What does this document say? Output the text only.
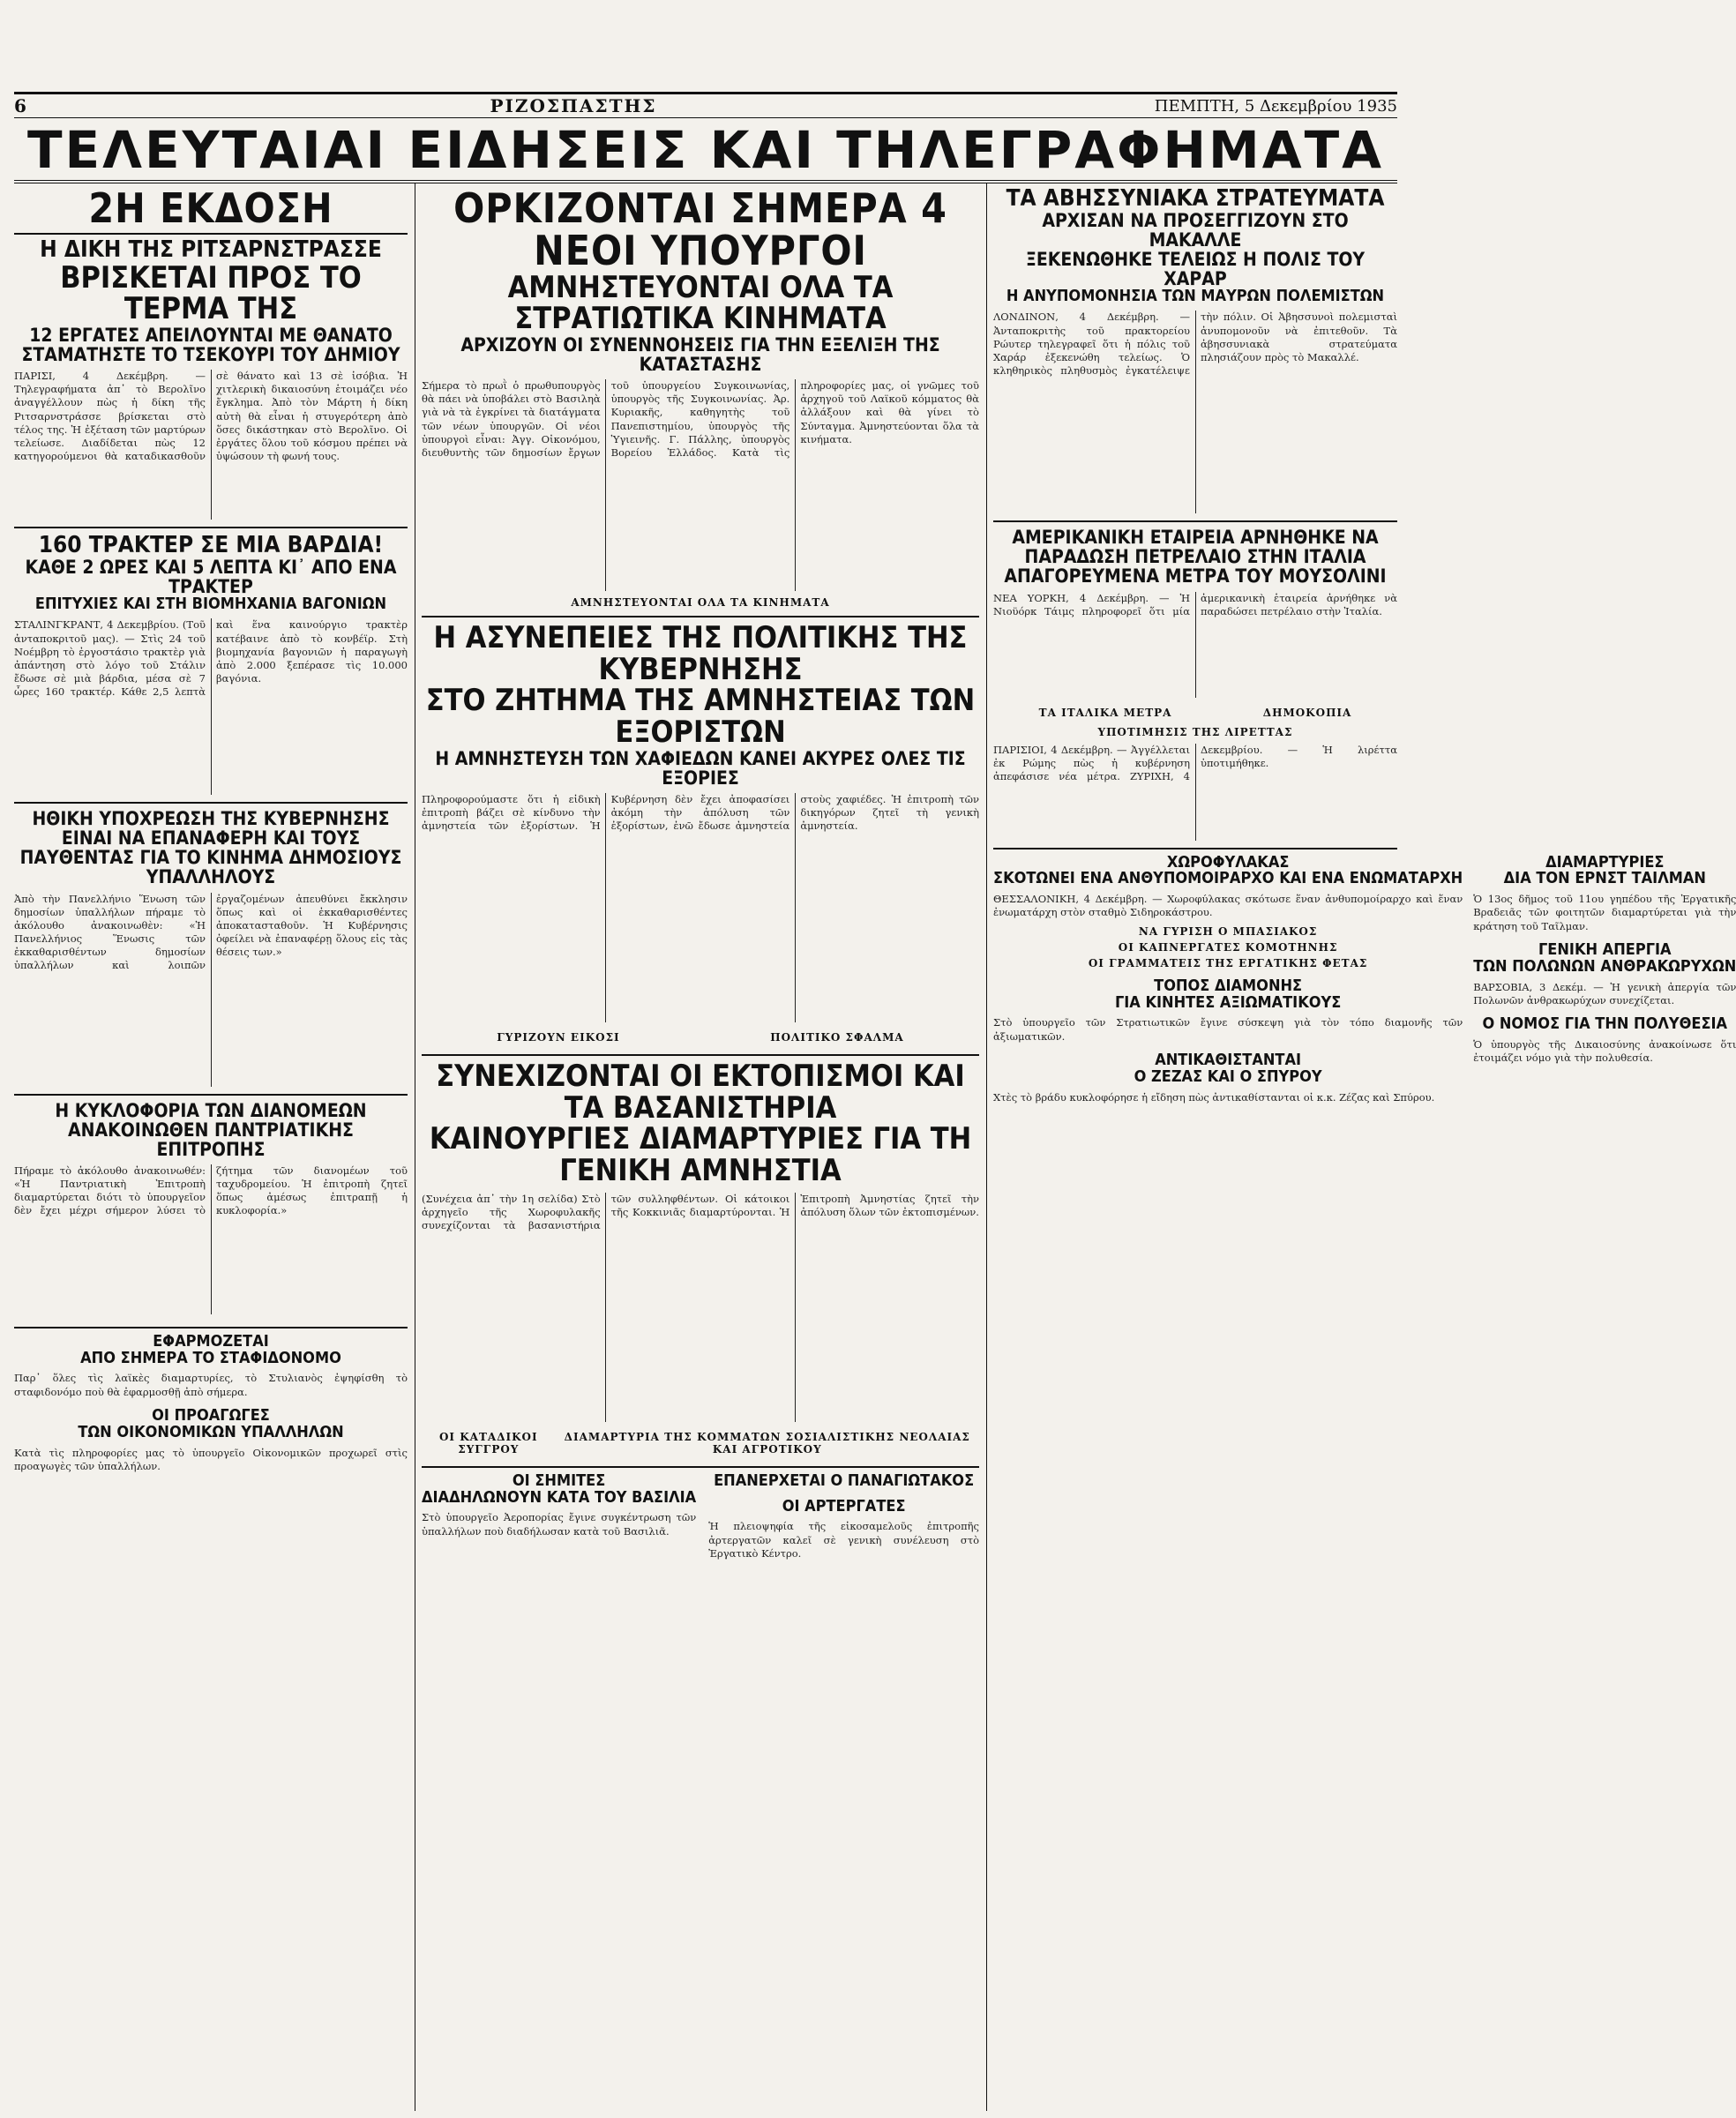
6	ΡΙΖΟΣΠΑΣΤΗΣ	ΠΕΜΠΤΗ, 5 Δεκεμβρίου 1935
ΤΕΛΕΥΤΑΙΑΙ ΕΙΔΗΣΕΙΣ ΚΑΙ ΤΗΛΕΓΡΑΦΗΜΑΤΑ
2Η ΕΚΔΟΣΗ
Η ΔΙΚΗ ΤΗΣ ΡΙΤΣΑΡΝΣΤΡΑΣΣΕ
ΒΡΙΣΚΕΤΑΙ ΠΡΟΣ ΤΟ ΤΕΡΜΑ ΤΗΣ
12 ΕΡΓΑΤΕΣ ΑΠΕΙΛΟΥΝΤΑΙ ΜΕ ΘΑΝΑΤΟ
ΣΤΑΜΑΤΗΣΤΕ ΤΟ ΤΣΕΚΟΥΡΙ ΤΟΥ ΔΗΜΙΟΥ
ΠΑΡΙΣΙ, 4 Δεκέμβρη. — Τηλεγραφήματα ἀπ᾽ τὸ Βερολῖνο ἀναγγέλλουν πὼς ἡ δίκη τῆς Ριτσαρνστράσσε βρίσκεται στὸ τέλος της. Ἡ ἐξέταση τῶν μαρτύρων τελείωσε. Διαδίδεται πὼς 12 κατηγορούμενοι θὰ καταδικασθοῦν σὲ θάνατο καὶ 13 σὲ ἰσόβια. Ἡ χιτλερικὴ δικαιοσύνη ἑτοιμάζει νέο ἔγκλημα. Ἀπὸ τὸν Μάρτη ἡ δίκη αὐτὴ θὰ εἶναι ἡ στυγερότερη ἀπὸ ὅσες δικάστηκαν στὸ Βερολῖνο. Οἱ ἐργάτες ὅλου τοῦ κόσμου πρέπει νὰ ὑψώσουν τὴ φωνή τους.
160 ΤΡΑΚΤΕΡ ΣΕ ΜΙΑ ΒΑΡΔΙΑ!
ΚΑΘΕ 2 ΩΡΕΣ ΚΑΙ 5 ΛΕΠΤΑ ΚΙ᾽ ΑΠΟ ΕΝΑ ΤΡΑΚΤΕΡ
ΕΠΙΤΥΧΙΕΣ ΚΑΙ ΣΤΗ ΒΙΟΜΗΧΑΝΙΑ ΒΑΓΟΝΙΩΝ
ΣΤΑΛΙΝΓΚΡΑΝΤ, 4 Δεκεμβρίου. (Τοῦ ἀνταποκριτοῦ μας). — Στὶς 24 τοῦ Νοέμβρη τὸ ἐργοστάσιο τρακτὲρ γιὰ ἀπάντηση στὸ λόγο τοῦ Στάλιν ἔδωσε σὲ μιὰ βάρδια, μέσα σὲ 7 ὧρες 160 τρακτέρ. Κάθε 2,5 λεπτὰ καὶ ἕνα καινούργιο τρακτὲρ κατέβαινε ἀπὸ τὸ κονβέϊρ. Στὴ βιομηχανία βαγονιῶν ἡ παραγωγὴ ἀπὸ 2.000 ξεπέρασε τὶς 10.000 βαγόνια.
ΗΘΙΚΗ ΥΠΟΧΡΕΩΣΗ ΤΗΣ ΚΥΒΕΡΝΗΣΗΣ ΕΙΝΑΙ ΝΑ ΕΠΑΝΑΦΕΡΗ ΚΑΙ ΤΟΥΣ ΠΑΥΘΕΝΤΑΣ ΓΙΑ ΤΟ ΚΙΝΗΜΑ ΔΗΜΟΣΙΟΥΣ ΥΠΑΛΛΗΛΟΥΣ
Ἀπὸ τὴν Πανελλήνιο Ἕνωση τῶν δημοσίων ὑπαλλήλων πήραμε τὸ ἀκόλουθο ἀνακοινωθὲν: «Ἡ Πανελλήνιος Ἕνωσις τῶν ἐκκαθαρισθέντων δημοσίων ὑπαλλήλων καὶ λοιπῶν ἐργαζομένων ἀπευθύνει ἔκκλησιν ὅπως καὶ οἱ ἐκκαθαρισθέντες ἀποκατασταθοῦν. Ἡ Κυβέρνησις ὀφείλει νὰ ἐπαναφέρῃ ὅλους εἰς τὰς θέσεις των.»
Η ΚΥΚΛΟΦΟΡΙΑ ΤΩΝ ΔΙΑΝΟΜΕΩΝ ΑΝΑΚΟΙΝΩΘΕΝ ΠΑΝΤΡΙΑΤΙΚΗΣ ΕΠΙΤΡΟΠΗΣ
Πήραμε τὸ ἀκόλουθο ἀνακοινωθέν: «Ἡ Παντριατικὴ Ἐπιτροπὴ διαμαρτύρεται διότι τὸ ὑπουργεῖον δὲν ἔχει μέχρι σήμερον λύσει τὸ ζήτημα τῶν διανομέων τοῦ ταχυδρομείου. Ἡ ἐπιτροπὴ ζητεῖ ὅπως ἀμέσως ἐπιτραπῇ ἡ κυκλοφορία.»
ΕΦΑΡΜΟΖΕΤΑΙ
ΑΠΟ ΣΗΜΕΡΑ ΤΟ ΣΤΑΦΙΔΟΝΟΜΟ
Παρ᾽ ὅλες τὶς λαϊκὲς διαμαρτυρίες, τὸ Στυλιανὸς ἐψηφίσθη τὸ σταφιδονόμο ποὺ θὰ ἐφαρμοσθῇ ἀπὸ σήμερα.
ΟΙ ΠΡΟΑΓΩΓΕΣ
ΤΩΝ ΟΙΚΟΝΟΜΙΚΩΝ ΥΠΑΛΛΗΛΩΝ
Κατὰ τὶς πληροφορίες μας τὸ ὑπουργεῖο Οἰκονομικῶν προχωρεῖ στὶς προαγωγὲς τῶν ὑπαλλήλων.
ΟΡΚΙΖΟΝΤΑΙ ΣΗΜΕΡΑ 4 ΝΕΟΙ ΥΠΟΥΡΓΟΙ
ΑΜΝΗΣΤΕΥΟΝΤΑΙ ΟΛΑ ΤΑ ΣΤΡΑΤΙΩΤΙΚΑ ΚΙΝΗΜΑΤΑ
ΑΡΧΙΖΟΥΝ ΟΙ ΣΥΝΕΝΝΟΗΣΕΙΣ ΓΙΑ ΤΗΝ ΕΞΕΛΙΞΗ ΤΗΣ ΚΑΤΑΣΤΑΣΗΣ
Σήμερα τὸ πρωῒ ὁ πρωθυπουργὸς θὰ πάει νὰ ὑποβάλει στὸ Βασιληὰ γιὰ νὰ τὰ ἐγκρίνει τὰ διατάγματα τῶν νέων ὑπουργῶν. Οἱ νέοι ὑπουργοὶ εἶναι: Ἀγγ. Οἰκονόμου, διευθυντὴς τῶν δημοσίων ἔργων τοῦ ὑπουργείου Συγκοινωνίας, ὑπουργὸς τῆς Συγκοινωνίας. Ἀρ. Κυριακῆς, καθηγητὴς τοῦ Πανεπιστημίου, ὑπουργὸς τῆς Ὑγιεινῆς. Γ. Πάλλης, ὑπουργὸς Βορείου Ἑλλάδος. Κατὰ τὶς πληροφορίες μας, οἱ γνῶμες τοῦ ἀρχηγοῦ τοῦ Λαϊκοῦ κόμματος θὰ ἀλλάξουν καὶ θὰ γίνει τὸ Σύνταγμα. Ἀμνηστεύονται ὅλα τὰ κινήματα.
ΑΜΝΗΣΤΕΥΟΝΤΑΙ ΟΛΑ ΤΑ ΚΙΝΗΜΑΤΑ
Η ΑΣΥΝΕΠΕΙΕΣ ΤΗΣ ΠΟΛΙΤΙΚΗΣ ΤΗΣ ΚΥΒΕΡΝΗΣΗΣ
ΣΤΟ ΖΗΤΗΜΑ ΤΗΣ ΑΜΝΗΣΤΕΙΑΣ ΤΩΝ ΕΞΟΡΙΣΤΩΝ
Η ΑΜΝΗΣΤΕΥΣΗ ΤΩΝ ΧΑΦΙΕΔΩΝ ΚΑΝΕΙ ΑΚΥΡΕΣ ΟΛΕΣ ΤΙΣ ΕΞΟΡΙΕΣ
Πληροφορούμαστε ὅτι ἡ εἰδικὴ ἐπιτροπὴ βάζει σὲ κίνδυνο τὴν ἀμνηστεία τῶν ἐξορίστων. Ἡ Κυβέρνηση δὲν ἔχει ἀποφασίσει ἀκόμη τὴν ἀπόλυση τῶν ἐξορίστων, ἐνῶ ἔδωσε ἀμνηστεία στοὺς χαφιέδες. Ἡ ἐπιτροπὴ τῶν δικηγόρων ζητεῖ τὴ γενικὴ ἀμνηστεία.
ΓΥΡΙΖΟΥΝ ΕΙΚΟΣΙ	ΠΟΛΙΤΙΚΟ ΣΦΑΛΜΑ
ΣΥΝΕΧΙΖΟΝΤΑΙ ΟΙ ΕΚΤΟΠΙΣΜΟΙ ΚΑΙ ΤΑ ΒΑΣΑΝΙΣΤΗΡΙΑ
ΚΑΙΝΟΥΡΓΙΕΣ ΔΙΑΜΑΡΤΥΡΙΕΣ ΓΙΑ ΤΗ ΓΕΝΙΚΗ ΑΜΝΗΣΤΙΑ
(Συνέχεια ἀπ᾽ τὴν 1η σελίδα) Στὸ ἀρχηγεῖο τῆς Χωροφυλακῆς συνεχίζονται τὰ βασανιστήρια τῶν συλληφθέντων. Οἱ κάτοικοι τῆς Κοκκινιᾶς διαμαρτύρονται. Ἡ Ἐπιτροπὴ Ἀμνηστίας ζητεῖ τὴν ἀπόλυση ὅλων τῶν ἐκτοπισμένων.
ΟΙ ΚΑΤΑΔΙΚΟΙ ΣΥΓΓΡΟΥ
ΔΙΑΜΑΡΤΥΡΙΑ ΤΗΣ ΚΟΜΜΑΤΩΝ ΣΟΣΙΑΛΙΣΤΙΚΗΣ ΝΕΟΛΑΙΑΣ ΚΑΙ ΑΓΡΟΤΙΚΟΥ
ΟΙ ΣΗΜΙΤΕΣ
ΔΙΑΔΗΛΩΝΟΥΝ ΚΑΤΑ ΤΟΥ ΒΑΣΙΛΙΑ
Στὸ ὑπουργεῖο Ἀεροπορίας ἔγινε συγκέντρωση τῶν ὑπαλλήλων ποὺ διαδήλωσαν κατὰ τοῦ Βασιλιᾶ.
ΕΠΑΝΕΡΧΕΤΑΙ Ο ΠΑΝΑΓΙΩΤΑΚΟΣ
ΟΙ ΑΡΤΕΡΓΑΤΕΣ
Ἡ πλειοψηφία τῆς εἰκοσαμελοῦς ἐπιτροπῆς ἀρτεργατῶν καλεῖ σὲ γενικὴ συνέλευση στὸ Ἐργατικὸ Κέντρο.
ΤΑ ΑΒΗΣΣΥΝΙΑΚΑ ΣΤΡΑΤΕΥΜΑΤΑ
ΑΡΧΙΣΑΝ ΝΑ ΠΡΟΣΕΓΓΙΖΟΥΝ ΣΤΟ ΜΑΚΑΛΛΕ
ΞΕΚΕΝΩΘΗΚΕ ΤΕΛΕΙΩΣ Η ΠΟΛΙΣ ΤΟΥ ΧΑΡΑΡ
Η ΑΝΥΠΟΜΟΝΗΣΙΑ ΤΩΝ ΜΑΥΡΩΝ ΠΟΛΕΜΙΣΤΩΝ
ΛΟΝΔΙΝΟΝ, 4 Δεκέμβρη. — Ἀνταποκριτὴς τοῦ πρακτορείου Ρώυτερ τηλεγραφεῖ ὅτι ἡ πόλις τοῦ Χαράρ ἐξεκενώθη τελείως. Ὁ κληθηρικὸς πληθυσμὸς ἐγκατέλειψε τὴν πόλιν. Οἱ Ἀβησσυνοὶ πολεμισταὶ ἀνυπομονοῦν νὰ ἐπιτεθοῦν. Τὰ ἀβησσυνιακὰ στρατεύματα πλησιάζουν πρὸς τὸ Μακαλλέ.
ΑΜΕΡΙΚΑΝΙΚΗ ΕΤΑΙΡΕΙΑ ΑΡΝΗΘΗΚΕ ΝΑ ΠΑΡΑΔΩΣΗ ΠΕΤΡΕΛΑΙΟ ΣΤΗΝ ΙΤΑΛΙΑ
ΑΠΑΓΟΡΕΥΜΕΝΑ ΜΕΤΡΑ ΤΟΥ ΜΟΥΣΟΛΙΝΙ
ΝΕΑ ΥΟΡΚΗ, 4 Δεκέμβρη. — Ἡ Νιοϋόρκ Τάιμς πληροφορεῖ ὅτι μία ἀμερικανικὴ ἑταιρεία ἀρνήθηκε νὰ παραδώσει πετρέλαιο στὴν Ἰταλία.
ΤΑ ΙΤΑΛΙΚΑ ΜΕΤΡΑ	ΔΗΜΟΚΟΠΙΑ
ΥΠΟΤΙΜΗΣΙΣ ΤΗΣ ΛΙΡΕΤΤΑΣ
ΠΑΡΙΣΙΟΙ, 4 Δεκέμβρη. — Ἀγγέλλεται ἐκ Ρώμης πὼς ἡ κυβέρνηση ἀπεφάσισε νέα μέτρα. ΖΥΡΙΧΗ, 4 Δεκεμβρίου. — Ἡ λιρέττα ὑποτιμήθηκε.
ΧΩΡΟΦΥΛΑΚΑΣ
ΣΚΟΤΩΝΕΙ ΕΝΑ ΑΝΘΥΠΟΜΟΙΡΑΡΧΟ ΚΑΙ ΕΝΑ ΕΝΩΜΑΤΑΡΧΗ
ΘΕΣΣΑΛΟΝΙΚΗ, 4 Δεκέμβρη. — Χωροφύλακας σκότωσε ἕναν ἀνθυπομοίραρχο καὶ ἕναν ἐνωματάρχη στὸν σταθμὸ Σιδηροκάστρου.
ΝΑ ΓΥΡΙΣΗ Ο ΜΠΑΣΙΑΚΟΣ
ΟΙ ΚΑΠΝΕΡΓΑΤΕΣ ΚΟΜΟΤΗΝΗΣ
ΟΙ ΓΡΑΜΜΑΤΕΙΣ ΤΗΣ ΕΡΓΑΤΙΚΗΣ ΦΕΤΑΣ
ΤΟΠΟΣ ΔΙΑΜΟΝΗΣ
ΓΙΑ ΚΙΝΗΤΕΣ ΑΞΙΩΜΑΤΙΚΟΥΣ
Στὸ ὑπουργεῖο τῶν Στρατιωτικῶν ἔγινε σύσκεψη γιὰ τὸν τόπο διαμονῆς τῶν ἀξιωματικῶν.
ΑΝΤΙΚΑΘΙΣΤΑΝΤΑΙ
Ο ΖΕΖΑΣ ΚΑΙ Ο ΣΠΥΡΟΥ
Χτὲς τὸ βράδυ κυκλοφόρησε ἡ εἴδηση πὼς ἀντικαθίστανται οἱ κ.κ. Ζέζας καὶ Σπύρου.
ΔΙΑΜΑΡΤΥΡΙΕΣ
ΔΙΑ ΤΟΝ ΕΡΝΣΤ ΤΑΙΛΜΑΝ
Ὁ 13ος δῆμος τοῦ 11ου γηπέδου τῆς Ἐργατικῆς Βραδειᾶς τῶν φοιτητῶν διαμαρτύρεται γιὰ τὴν κράτηση τοῦ Ταῖλμαν.
ΓΕΝΙΚΗ ΑΠΕΡΓΙΑ
ΤΩΝ ΠΟΛΩΝΩΝ ΑΝΘΡΑΚΩΡΥΧΩΝ
ΒΑΡΣΟΒΙΑ, 3 Δεκέμ. — Ἡ γενικὴ ἀπεργία τῶν Πολωνῶν ἀνθρακωρύχων συνεχίζεται.
Ο ΝΟΜΟΣ ΓΙΑ ΤΗΝ ΠΟΛΥΘΕΣΙΑ
Ὁ ὑπουργὸς τῆς Δικαιοσύνης ἀνακοίνωσε ὅτι ἐτοιμάζει νόμο γιὰ τὴν πολυθεσία.
